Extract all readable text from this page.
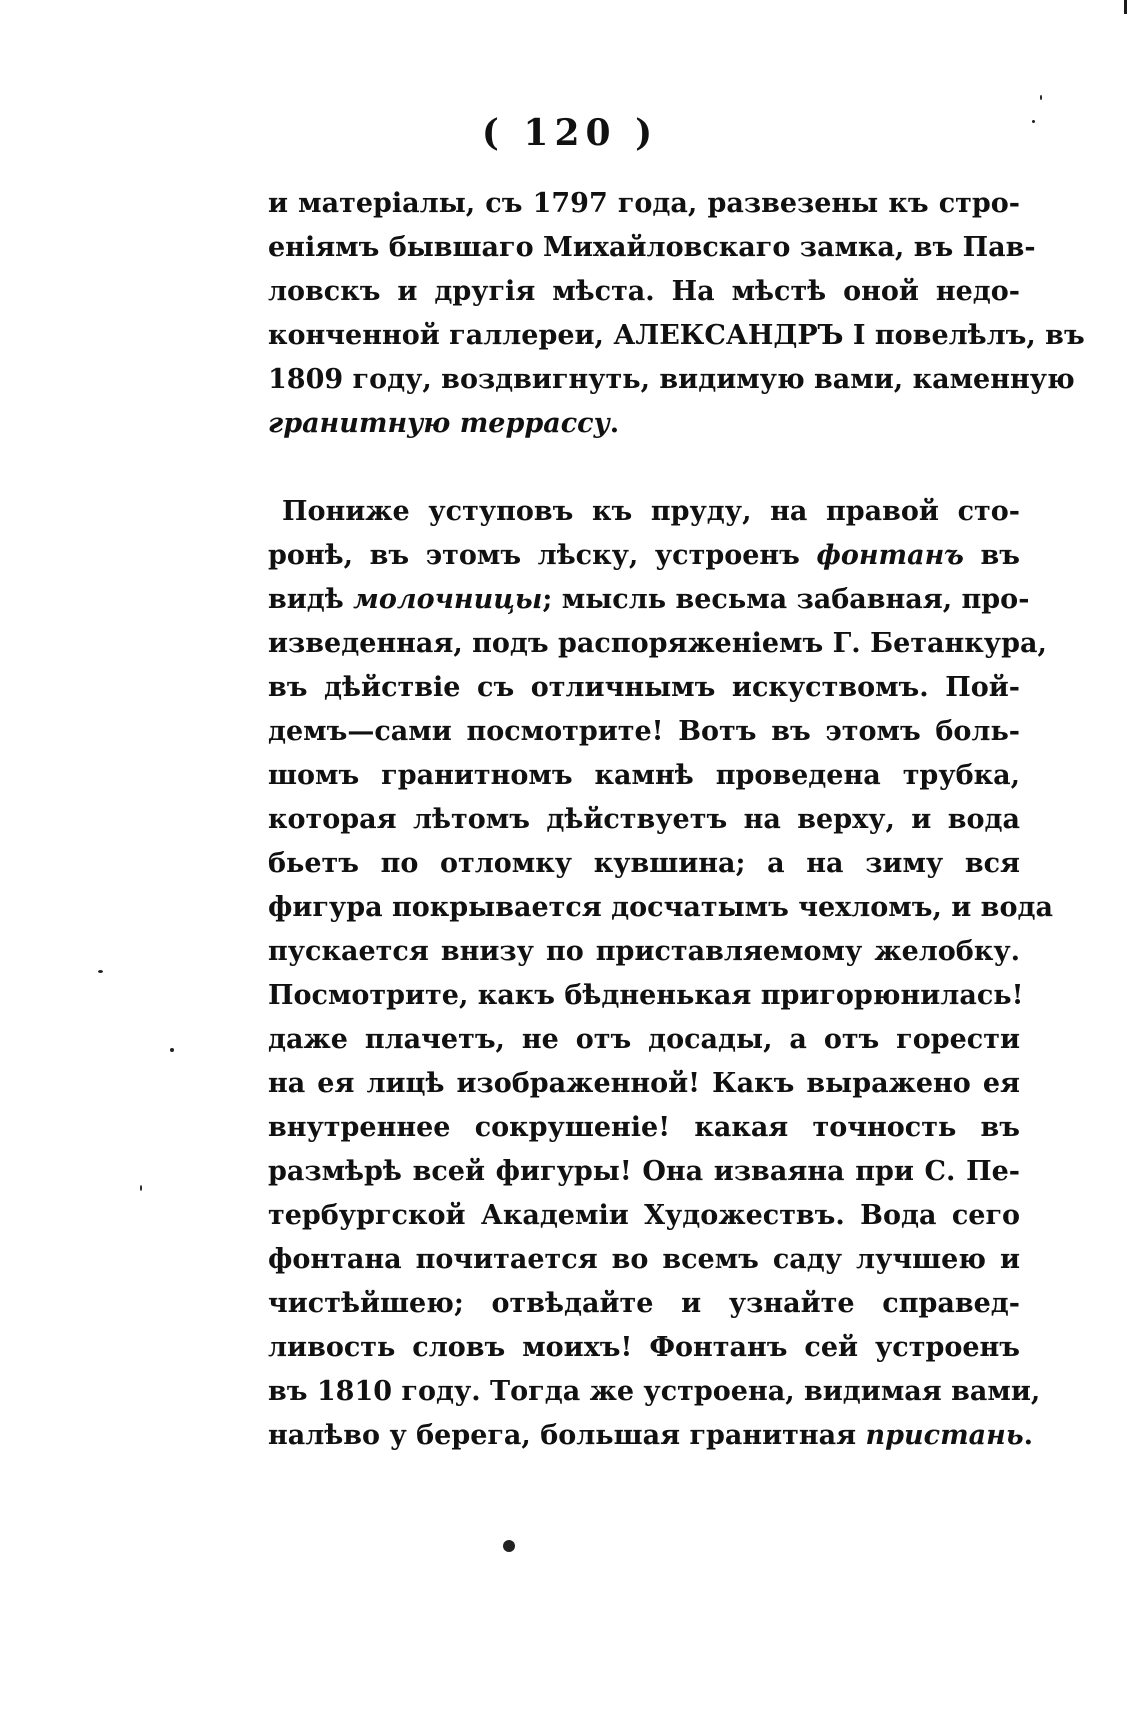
( 120 )
и матеріалы, съ 1797 года, развезены къ стро-
еніямъ бывшаго Михайловскаго замка, въ Пав-
ловскъ и другія мѣста. На мѣстѣ оной недо-
конченной галлереи, АЛЕКСАНДРЪ I повелѣлъ, въ
1809 году, воздвигнуть, видимую вами, каменную
гранитную террассу.
Пониже уступовъ къ пруду, на правой сто-
ронѣ, въ этомъ лѣску, устроенъ фонтанъ въ
видѣ молочницы; мысль весьма забавная, про-
изведенная, подъ распоряженіемъ Г. Бетанкура,
въ дѣйствіе съ отличнымъ искуствомъ. Пой-
демъ—сами посмотрите! Вотъ въ этомъ боль-
шомъ гранитномъ камнѣ проведена трубка,
которая лѣтомъ дѣйствуетъ на верху, и вода
бьетъ по отломку кувшина; а на зиму вся
фигура покрывается досчатымъ чехломъ, и вода
пускается внизу по приставляемому желобку.
Посмотрите, какъ бѣдненькая пригорюнилась!
даже плачетъ, не отъ досады, а отъ горести
на ея лицѣ изображенной! Какъ выражено ея
внутреннее сокрушеніе! какая точность въ
размѣрѣ всей фигуры! Она изваяна при С. Пе-
тербургской Академіи Художествъ. Вода сего
фонтана почитается во всемъ саду лучшею и
чистѣйшею; отвѣдайте и узнайте справед-
ливость словъ моихъ! Фонтанъ сей устроенъ
въ 1810 году. Тогда же устроена, видимая вами,
налѣво у берега, большая гранитная пристань.
